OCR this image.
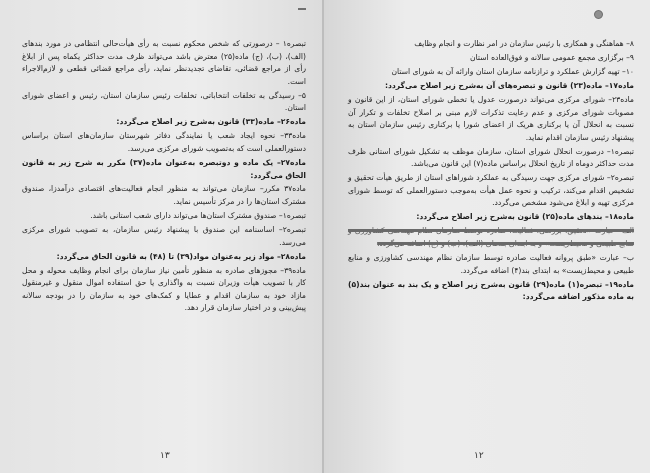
تبصره۱ – درصورتی که شخص محکوم نسبت به رأی هیأت‌حالی انتظامی در مورد بندهای (الف)، (ب)، (ج) ماده(۲۵) معترض باشد می‌تواند ظرف مدت حداکثر یکماه پس از ابلاغ رأی از مراجع قضائی، تقاضای تجدیدنظر نماید، رأی مراجع قضائی قطعی و لازم‌الاجراء است.

۵– رسیدگی به تخلفات انتخاباتی، تخلفات رئیس سازمان استان، رئیس و اعضای شورای استان.

ماده۲۶– ماده(۳۳) قانون به‌شرح زیر اصلاح می‌گردد:

ماده۳۳– نحوه ایجاد شعب یا نمایندگی دفاتر شهرستان سازمان‌های استان براساس دستورالعملی است که به‌تصویب شورای مرکزی می‌رسد.

ماده۲۷– یک ماده و دوتبصره به‌عنوان ماده(۳۷) مکرر به شرح زیر به قانون الحاق می‌گردد:

ماده۳۷ مکرر– سازمان می‌تواند به منظور انجام فعالیت‌های اقتصادی درآمدزا، صندوق مشترک استان‌ها را در مرکز تأسیس نماید.

تبصره۱– صندوق مشترک استان‌ها می‌تواند دارای شعب استانی باشد.

تبصره۲– اساسنامه این صندوق با پیشنهاد رئیس سازمان، به تصویب شورای مرکزی می‌رسد.

ماده۲۸– مواد زیر به‌عنوان مواد(۳۹) تا (۴۸) به قانون الحاق می‌گردد:

ماده۳۹– مجوزهای صادره به منظور تأمین نیاز سازمان برای انجام وظایف محوله و محل کار با تصویب هیأت وزیران نسبت به واگذاری یا حق استفاده اموال منقول و غیرمنقول مازاد خود به سازمان اقدام و عطایا و کمک‌های خود به سازمان را در بودجه سالانه پیش‌بینی و در اختیار سازمان قرار دهد.

۱۳

۸– هماهنگی و همکاری با رئیس سازمان در امر نظارت و انجام وظایف

۹– برگزاری مجمع عمومی سالانه و فوق‌العاده استان

۱۰– تهیه گزارش عملکرد و ترازنامه سازمان استان وارائه آن به شورای استان

ماده۱۷– ماده(۲۳) قانون و تبصره‌های آن به‌شرح زیر اصلاح می‌گردد:

ماده۲۳– شورای مرکزی می‌تواند درصورت عدول یا تخطی شورای استان، از این قانون و مصوبات شورای مرکزی و عدم رعایت تذکرات لازم مبنی بر اصلاح تخلفات و تکرار آن نسبت به انحلال آن یا برکناری هریک از اعضای شورا یا برکناری رئیس سازمان استان به پیشنهاد رئیس سازمان اقدام نماید.

تبصره۱– درصورت انحلال شورای استان، سازمان موظف به تشکیل شورای استانی ظرف مدت حداکثر دوماه از تاریخ انحلال براساس ماده(۷) این قانون می‌باشد.

تبصره۲– شورای مرکزی جهت رسیدگی به عملکرد شوراهای استان از طریق هیأت تحقیق و تشخیص اقدام می‌کند، ترکیب و نحوه عمل هیأت به‌موجب دستورالعملی که توسط شورای مرکزی تهیه و ابلاغ می‌شود مشخص می‌گردد.

ماده۱۸– بندهای ماده(۲۵) قانون به‌شرح زیر اصلاح می‌گردد:

الف– عبارت «تحقیق، بررسی، فعالیت، صادره توسط سازمان نظام مهندسی کشاورزی و منابع طبیعی و محیط‌زیست» و به ابتدای بندهای (الف)، (ب) و (ج) اضافه می‌گردد.

ب– عبارت «طبق پروانه فعالیت صادره توسط سازمان نظام مهندسی کشاورزی و منابع طبیعی و محیط‌زیست» به ابتدای بند(۴) اضافه می‌گردد.

ماده۱۹– تبصره(۱) ماده(۲۹) قانون به‌شرح زیر اصلاح و یک بند به عنوان بند(۵) به ماده مذکور اضافه می‌گردد:

۱۲
